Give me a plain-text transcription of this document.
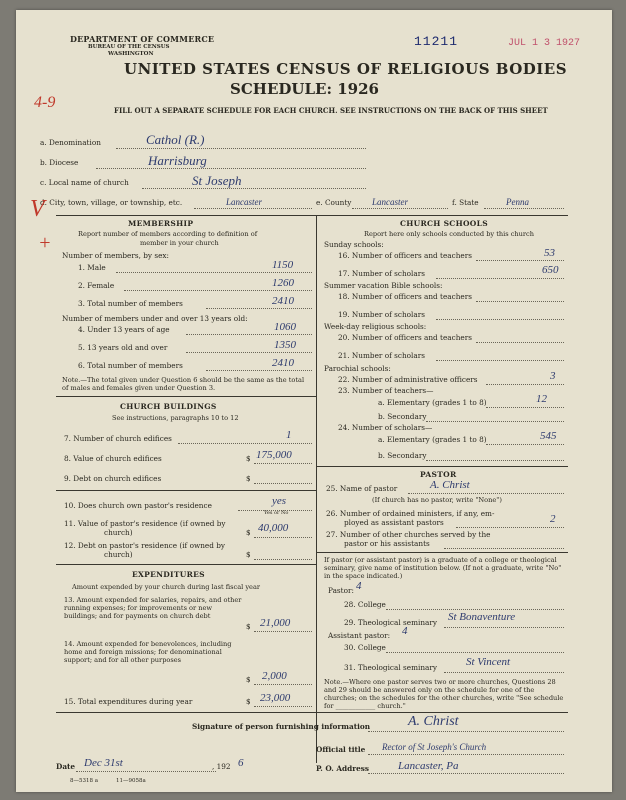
DEPARTMENT OF COMMERCE
BUREAU OF THE CENSUS
WASHINGTON
11211	JUL 1 3 1927
UNITED STATES CENSUS OF RELIGIOUS BODIES
SCHEDULE: 1926
4-9	FILL OUT A SEPARATE SCHEDULE FOR EACH CHURCH. SEE INSTRUCTIONS ON THE BACK OF THIS SHEET
a. Denomination	Cathol (R.)
b. Diocese	Harrisburg
c. Local name of church	St Joseph
d. City, town, village, or township, etc.	Lancaster	e. County Lancaster	f. State	Penna
V
+
MEMBERSHIP
Report number of members according to definition of
member in your church
Number of members, by sex:
1. Male	1150
2. Female	1260
3. Total number of members	2410
Number of members under and over 13 years old:
4. Under 13 years of age	1060
5. 13 years old and over	1350
6. Total number of members	2410
Note.—The total given under Question 6 should be the same as the total of males and females given under Question 3.
CHURCH BUILDINGS
See instructions, paragraphs 10 to 12
7. Number of church edifices	1
8. Value of church edifices	$ 175,000
9. Debt on church edifices	$
10. Does church own pastor's residence	yes
Yes or No
11. Value of pastor's residence (if owned by
church)	$ 40,000
12. Debt on pastor's residence (if owned by
church)	$
EXPENDITURES
Amount expended by your church during last fiscal year
13. Amount expended for salaries, repairs, and other running expenses; for improvements or new buildings; and for payments on church debt
$ 21,000
14. Amount expended for benevolences, including home and foreign missions; for denominational support; and for all other purposes
$ 2,000
15. Total expenditures during year	$ 23,000
CHURCH SCHOOLS
Report here only schools conducted by this church
Sunday schools:
16. Number of officers and teachers	53
17. Number of scholars	650
Summer vacation Bible schools:
18. Number of officers and teachers
19. Number of scholars
Week-day religious schools:
20. Number of officers and teachers
21. Number of scholars
Parochial schools:
22. Number of administrative officers	3
23. Number of teachers—
a. Elementary (grades 1 to 8)	12
b. Secondary
24. Number of scholars—
a. Elementary (grades 1 to 8)	545
b. Secondary
PASTOR
25. Name of pastor	A. Christ
(If church has no pastor, write "None")
26. Number of ordained ministers, if any, em-
ployed as assistant pastors	2
27. Number of other churches served by the
pastor or his assistants
If pastor (or assistant pastor) is a graduate of a college or theological seminary, give name of institution below. (If not a graduate, write "No" in the space indicated.)
Pastor: 4
28. College
29. Theological seminary St Bonaventure
Assistant pastor: 4
30. College
31. Theological seminary	St Vincent
Note.—Where one pastor serves two or more churches, Questions 28 and 29 should be answered only on the schedule for one of the churches; on the schedules for the other churches, write "See schedule for ____________ church."
Signature of person furnishing information	A. Christ
Official title Rector of St Joseph's Church
Date Dec 31st	, 192 6	P. O. Address	Lancaster, Pa
8—5318 a	11—9058a
